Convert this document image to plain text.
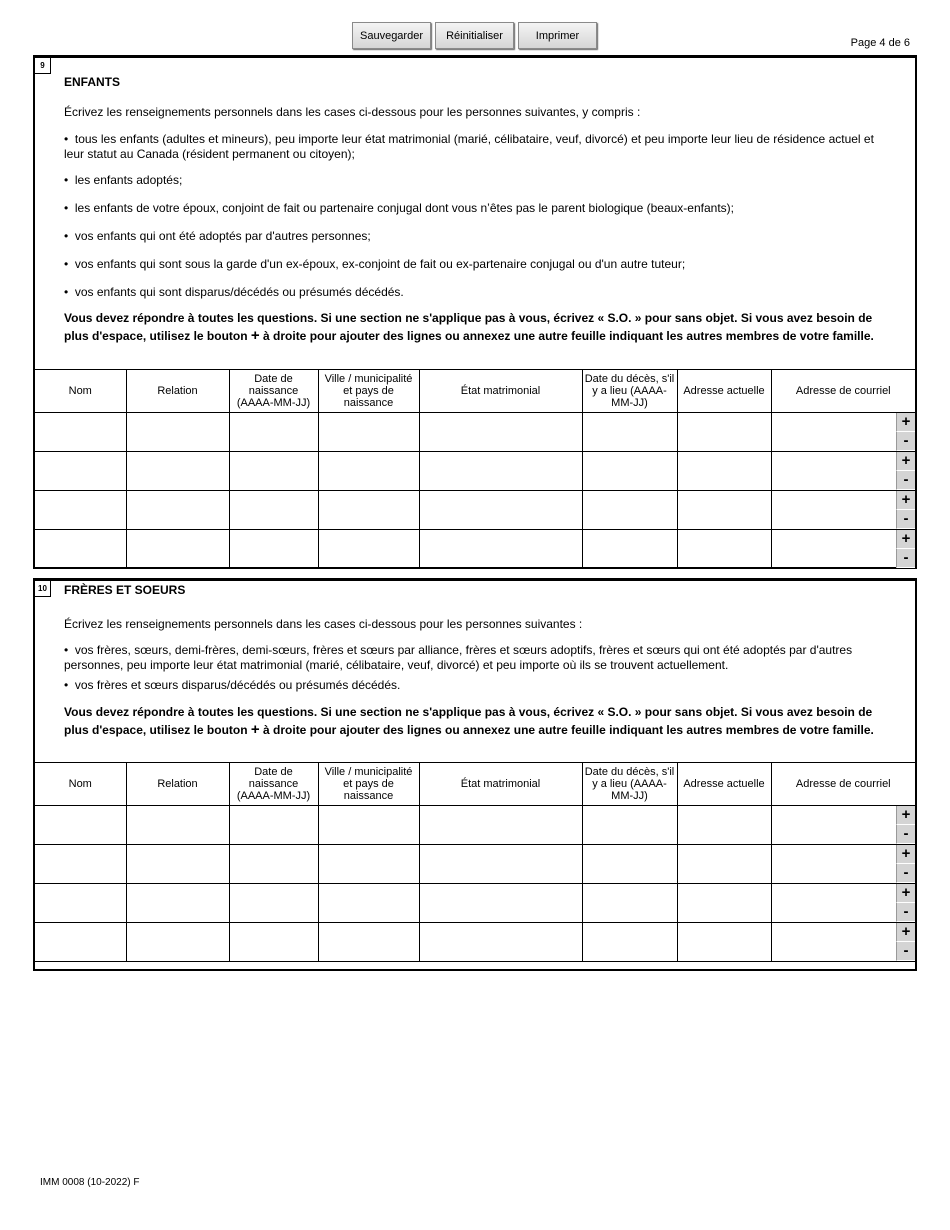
Sauvegarder	Réinitialiser	Imprimer
Page 4 de 6
9
ENFANTS

Écrivez les renseignements personnels dans les cases ci-dessous pour les personnes suivantes, y compris :

•  tous les enfants (adultes et mineurs), peu importe leur état matrimonial (marié, célibataire, veuf, divorcé) et peu importe leur lieu de résidence actuel et leur statut au Canada (résident permanent ou citoyen);

•  les enfants adoptés;

•  les enfants de votre époux, conjoint de fait ou partenaire conjugal dont vous n’êtes pas le parent biologique (beaux-enfants);

•  vos enfants qui ont été adoptés par d'autres personnes;

•  vos enfants qui sont sous la garde d'un ex-époux, ex-conjoint de fait ou ex-partenaire conjugal ou d'un autre tuteur;

•  vos enfants qui sont disparus/décédés ou présumés décédés.

Vous devez répondre à toutes les questions. Si une section ne s'applique pas à vous, écrivez « S.O. » pour sans objet. Si vous avez besoin de plus d'espace, utilisez le bouton + à droite pour ajouter des lignes ou annexez une autre feuille indiquant les autres membres de votre famille.

Nom	Relation	Date de naissance (AAAA-MM-JJ)	Ville / municipalité et pays de naissance	État matrimonial	Date du décès, s'il y a lieu (AAAA-MM-JJ)	Adresse actuelle	Adresse de courriel

+
-

+
-

+
-

+
-
10	FRÈRES ET SOEURS

Écrivez les renseignements personnels dans les cases ci-dessous pour les personnes suivantes :

•  vos frères, sœurs, demi-frères, demi-sœurs, frères et sœurs par alliance, frères et sœurs adoptifs, frères et sœurs qui ont été adoptés par d'autres personnes, peu importe leur état matrimonial (marié, célibataire, veuf, divorcé) et peu importe où ils se trouvent actuellement.

•  vos frères et sœurs disparus/décédés ou présumés décédés.

Vous devez répondre à toutes les questions. Si une section ne s'applique pas à vous, écrivez « S.O. » pour sans objet. Si vous avez besoin de plus d'espace, utilisez le bouton + à droite pour ajouter des lignes ou annexez une autre feuille indiquant les autres membres de votre famille.

Nom	Relation	Date de naissance (AAAA-MM-JJ)	Ville / municipalité et pays de naissance	État matrimonial	Date du décès, s'il y a lieu (AAAA-MM-JJ)	Adresse actuelle	Adresse de courriel

+
-

+
-

+
-

+
-
IMM 0008 (10-2022) F
